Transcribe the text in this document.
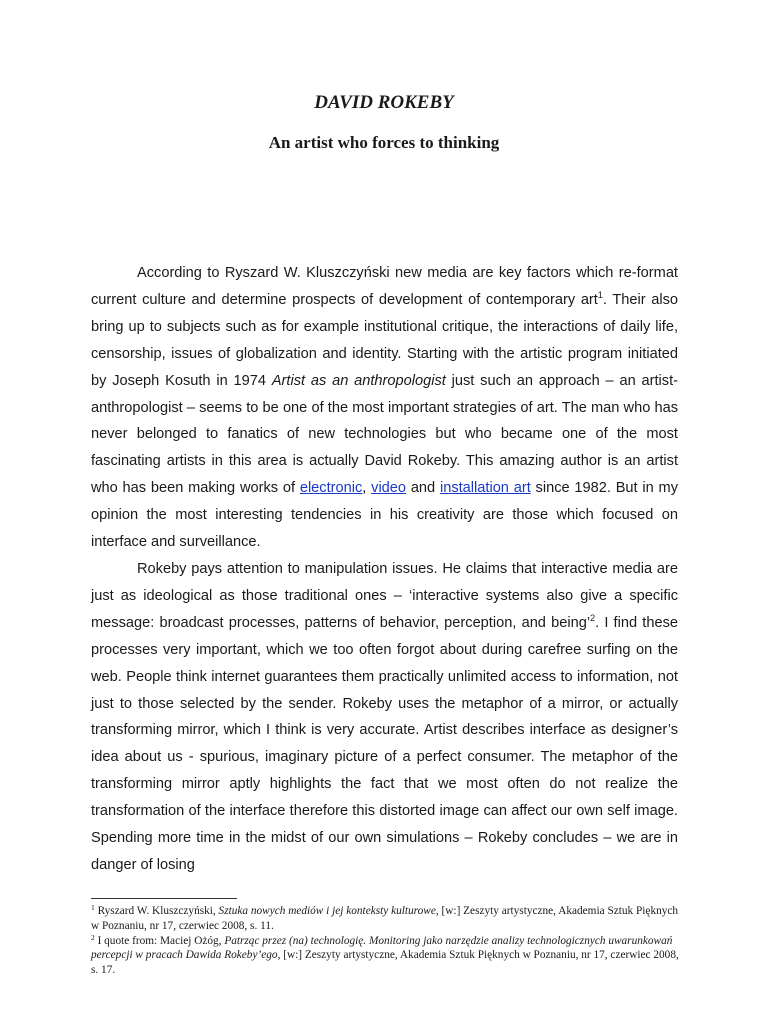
DAVID ROKEBY
An artist who forces to thinking

According to Ryszard W. Kluszczyński new media are key factors which re-format current culture and determine prospects of development of contemporary art$^1$. Their also bring up to subjects such as for example institutional critique, the interactions of daily life, censorship, issues of globalization and identity. Starting with the artistic program initiated by Joseph Kosuth in 1974 Artist as an anthropologist just such an approach – an artist-anthropologist – seems to be one of the most important strategies of art. The man who has never belonged to fanatics of new technologies but who became one of the most fascinating artists in this area is actually David Rokeby. This amazing author is an artist who has been making works of electronic, video and installation art since 1982. But in my opinion the most interesting tendencies in his creativity are those which focused on interface and surveillance.

Rokeby pays attention to manipulation issues. He claims that interactive media are just as ideological as those traditional ones – ‘interactive systems also give a specific message: broadcast processes, patterns of behavior, perception, and being’$^2$. I find these processes very important, which we too often forgot about during carefree surfing on the web. People think internet guarantees them practically unlimited access to information, not just to those selected by the sender. Rokeby uses the metaphor of a mirror, or actually transforming mirror, which I think is very accurate. Artist describes interface as designer’s idea about us - spurious, imaginary picture of a perfect consumer. The metaphor of the transforming mirror aptly highlights the fact that we most often do not realize the transformation of the interface therefore this distorted image can affect our own self image. Spending more time in the midst of our own simulations – Rokeby concludes – we are in danger of losing

$^1$ Ryszard W. Kluszczyński, Sztuka nowych mediów i jej konteksty kulturowe, [w:] Zeszyty artystyczne, Akademia Sztuk Pięknych w Poznaniu, nr 17, czerwiec 2008, s. 11.

$^2$ I quote from: Maciej Ożóg, Patrząc przez (na) technologię. Monitoring jako narzędzie analizy technologicznych uwarunkowań percepcji w pracach Dawida Rokeby’ego, [w:] Zeszyty artystyczne, Akademia Sztuk Pięknych w Poznaniu, nr 17, czerwiec 2008, s. 17.
